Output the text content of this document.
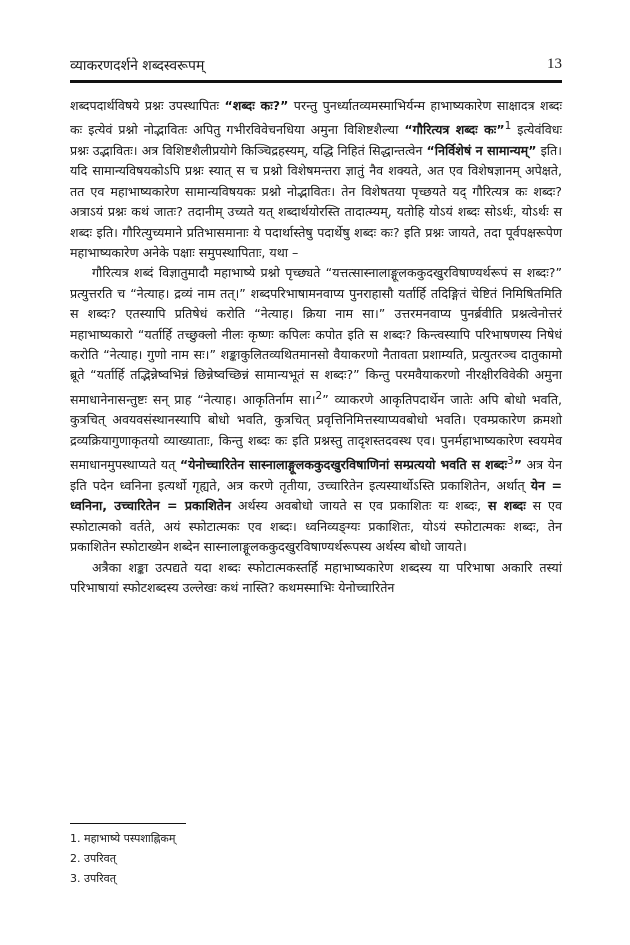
व्याकरणदर्शने शब्दस्वरूपम्	13

शब्दपदार्थविषये प्रश्नः उपस्थापितः “शब्दः कः?” परन्तु पुनर्ध्यातव्यमस्माभिर्यन्म हाभाष्यकारेण साक्षादत्र शब्दः कः इत्येवं प्रश्नो नोद्भावितः अपितु गभीरविवेचनधिया अमुना विशिष्टशैल्या “गौरित्यत्र शब्दः कः”$^1$ इत्येवंविधः प्रश्नः उद्भावितः। अत्र विशिष्टशैलीप्रयोगे किञ्चिद्रहस्यम्, यद्धि निहितं सिद्धान्तत्वेन “निर्विशेषं न सामान्यम्” इति। यदि सामान्यविषयकोऽपि प्रश्नः स्यात् स च प्रश्नो विशेषमन्तरा ज्ञातुं नैव शक्यते, अत एव विशेषज्ञानम् अपेक्षते, तत एव महाभाष्यकारेण सामान्यविषयकः प्रश्नो नोद्भावितः। तेन विशेषतया पृच्छयते यद् गौरित्यत्र कः शब्दः? अत्राऽयं प्रश्नः कथं जातः? तदानीम् उच्यते यत् शब्दार्थयोरस्ति तादात्म्यम्, यतोहि योऽयं शब्दः सोऽर्थः, योऽर्थः स शब्दः इति। गौरित्युच्यमाने प्रतिभासमानाः ये पदार्थास्तेषु पदार्थेषु शब्दः कः? इति प्रश्नः जायते, तदा पूर्वपक्षरूपेण महाभाष्यकारेण अनेके पक्षाः समुपस्थापिताः, यथा –

गौरित्यत्र शब्दं विज्ञातुमादौ महाभाष्ये प्रश्नो पृच्छ्यते “यत्तत्सास्नालाङ्गूलककुदखुरविषाण्यर्थरूपं स शब्दः?” प्रत्युत्तरति च “नेत्याह। द्रव्यं नाम तत्।” शब्दपरिभाषामनवाप्य पुनराहासौ यर्तार्हि तदिङ्गितं चेष्टितं निमिषितमिति स शब्दः? एतस्यापि प्रतिषेधं करोति “नेत्याह। क्रिया नाम सा।” उत्तरमनवाप्य पुनर्ब्रवीति प्रश्नत्वेनोत्तरं महाभाष्यकारो “यर्तार्हि तच्छुक्लो नीलः कृष्णः कपिलः कपोत इति स शब्दः? किन्त्वस्यापि परिभाषणस्य निषेधं करोति “नेत्याह। गुणो नाम सः।” शङ्काकुलितव्यथितमानसो वैयाकरणो नैतावता प्रशाम्यति, प्रत्युतरञ्च दातुकामो ब्रूते “यर्तार्हि तद्भिन्नेष्वभिन्नं छिन्नेष्वच्छिन्नं सामान्यभूतं स शब्दः?” किन्तु परमवैयाकरणो नीरक्षीरविवेकी अमुना समाधानेनासन्तुष्टः सन् प्राह “नेत्याह। आकृतिर्नाम सा।$^2$” व्याकरणे आकृतिपदार्थेन जातेः अपि बोधो भवति, कुत्रचित् अवयवसंस्थानस्यापि बोधो भवति, कुत्रचित् प्रवृत्तिनिमित्तस्याप्यवबोधो भवति। एवम्प्रकारेण क्रमशो द्रव्यक्रियागुणाकृतयो व्याख्याताः, किन्तु शब्दः कः इति प्रश्नस्तु तादृशस्तदवस्थ एव। पुनर्महाभाष्यकारेण स्वयमेव समाधानमुपस्थाप्यते यत् “येनोच्चारितेन सास्नालाङ्गूलककुदखुरविषाणिनां सम्प्रत्ययो भवति स शब्दः$^3$” अत्र येन इति पदेन ध्वनिना इत्यर्थो गृह्यते, अत्र करणे तृतीया, उच्चारितेन इत्यस्यार्थोऽस्ति प्रकाशितेन, अर्थात् येन = ध्वनिना, उच्चारितेन = प्रकाशितेन अर्थस्य अवबोधो जायते स एव प्रकाशितः यः शब्दः, स शब्दः स एव स्फोटात्मको वर्तते, अयं स्फोटात्मकः एव शब्दः। ध्वनिव्यङ्ग्यः प्रकाशितः, योऽयं स्फोटात्मकः शब्दः, तेन प्रकाशितेन स्फोटाख्येन शब्देन सास्नालाङ्गूलककुदखुरविषाण्यर्थरूपस्य अर्थस्य बोधो जायते।

अत्रैका शङ्का उत्पद्यते यदा शब्दः स्फोटात्मकस्तर्हि महाभाष्यकारेण शब्दस्य या परिभाषा अकारि तस्यां परिभाषायां स्फोटशब्दस्य उल्लेखः कथं नास्ति? कथमस्माभिः येनोच्चारितेन

1. महाभाष्ये पस्पशाह्निकम्
2. उपरिवत्
3. उपरिवत्
